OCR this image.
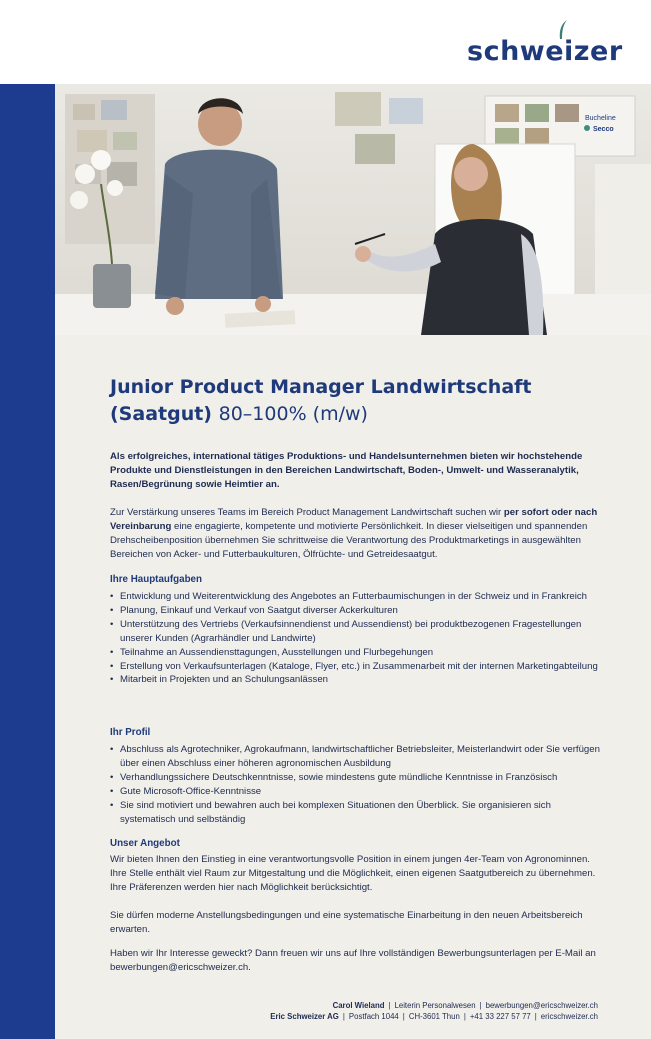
schweizer
Bucheline
Secco
Junior Product Manager Landwirtschaft (Saatgut) 80–100% (m/w)

Als erfolgreiches, international tätiges Produktions- und Handelsunternehmen bieten wir hochstehende Produkte und Dienstleistungen in den Bereichen Landwirtschaft, Boden-, Umwelt- und Wasseranalytik, Rasen/Begrünung sowie Heimtier an.

Zur Verstärkung unseres Teams im Bereich Product Management Landwirtschaft suchen wir per sofort oder nach Vereinbarung eine engagierte, kompetente und motivierte Persönlichkeit. In dieser vielseitigen und spannenden Drehscheibenposition übernehmen Sie schrittweise die Verantwortung des Produktmarketings in ausgewählten Bereichen von Acker- und Futterbaukulturen, Ölfrüchte- und Getreidesaatgut.

Ihre Hauptaufgaben
• Entwicklung und Weiterentwicklung des Angebotes an Futterbaumischungen in der Schweiz und in Frankreich
• Planung, Einkauf und Verkauf von Saatgut diverser Ackerkulturen
• Unterstützung des Vertriebs (Verkaufsinnendienst und Aussendienst) bei produktbezogenen Fragestellungen unserer Kunden (Agrarhändler und Landwirte)
• Teilnahme an Aussendiensttagungen, Ausstellungen und Flurbegehungen
• Erstellung von Verkaufsunterlagen (Kataloge, Flyer, etc.) in Zusammenarbeit mit der internen Marketingabteilung
• Mitarbeit in Projekten und an Schulungsanlässen
Ihr Profil
• Abschluss als Agrotechniker, Agrokaufmann, landwirtschaftlicher Betriebsleiter, Meisterlandwirt oder Sie verfügen über einen Abschluss einer höheren agronomischen Ausbildung
• Verhandlungssichere Deutschkenntnisse, sowie mindestens gute mündliche Kenntnisse in Französisch
• Gute Microsoft-Office-Kenntnisse
• Sie sind motiviert und bewahren auch bei komplexen Situationen den Überblick. Sie organisieren sich systematisch und selbständig
Unser Angebot

Wir bieten Ihnen den Einstieg in eine verantwortungsvolle Position in einem jungen 4er-Team von Agronominnen. Ihre Stelle enthält viel Raum zur Mitgestaltung und die Möglichkeit, einen eigenen Saatgutbereich zu übernehmen. Ihre Präferenzen werden hier nach Möglichkeit berücksichtigt.

Sie dürfen moderne Anstellungsbedingungen und eine systematische Einarbeitung in den neuen Arbeitsbereich erwarten.

Haben wir Ihr Interesse geweckt? Dann freuen wir uns auf Ihre vollständigen Bewerbungsunterlagen per E-Mail an bewerbungen@ericschweizer.ch.

Carol Wieland | Leiterin Personalwesen | bewerbungen@ericschweizer.ch
Eric Schweizer AG | Postfach 1044 | CH-3601 Thun | +41 33 227 57 77 | ericschweizer.ch
